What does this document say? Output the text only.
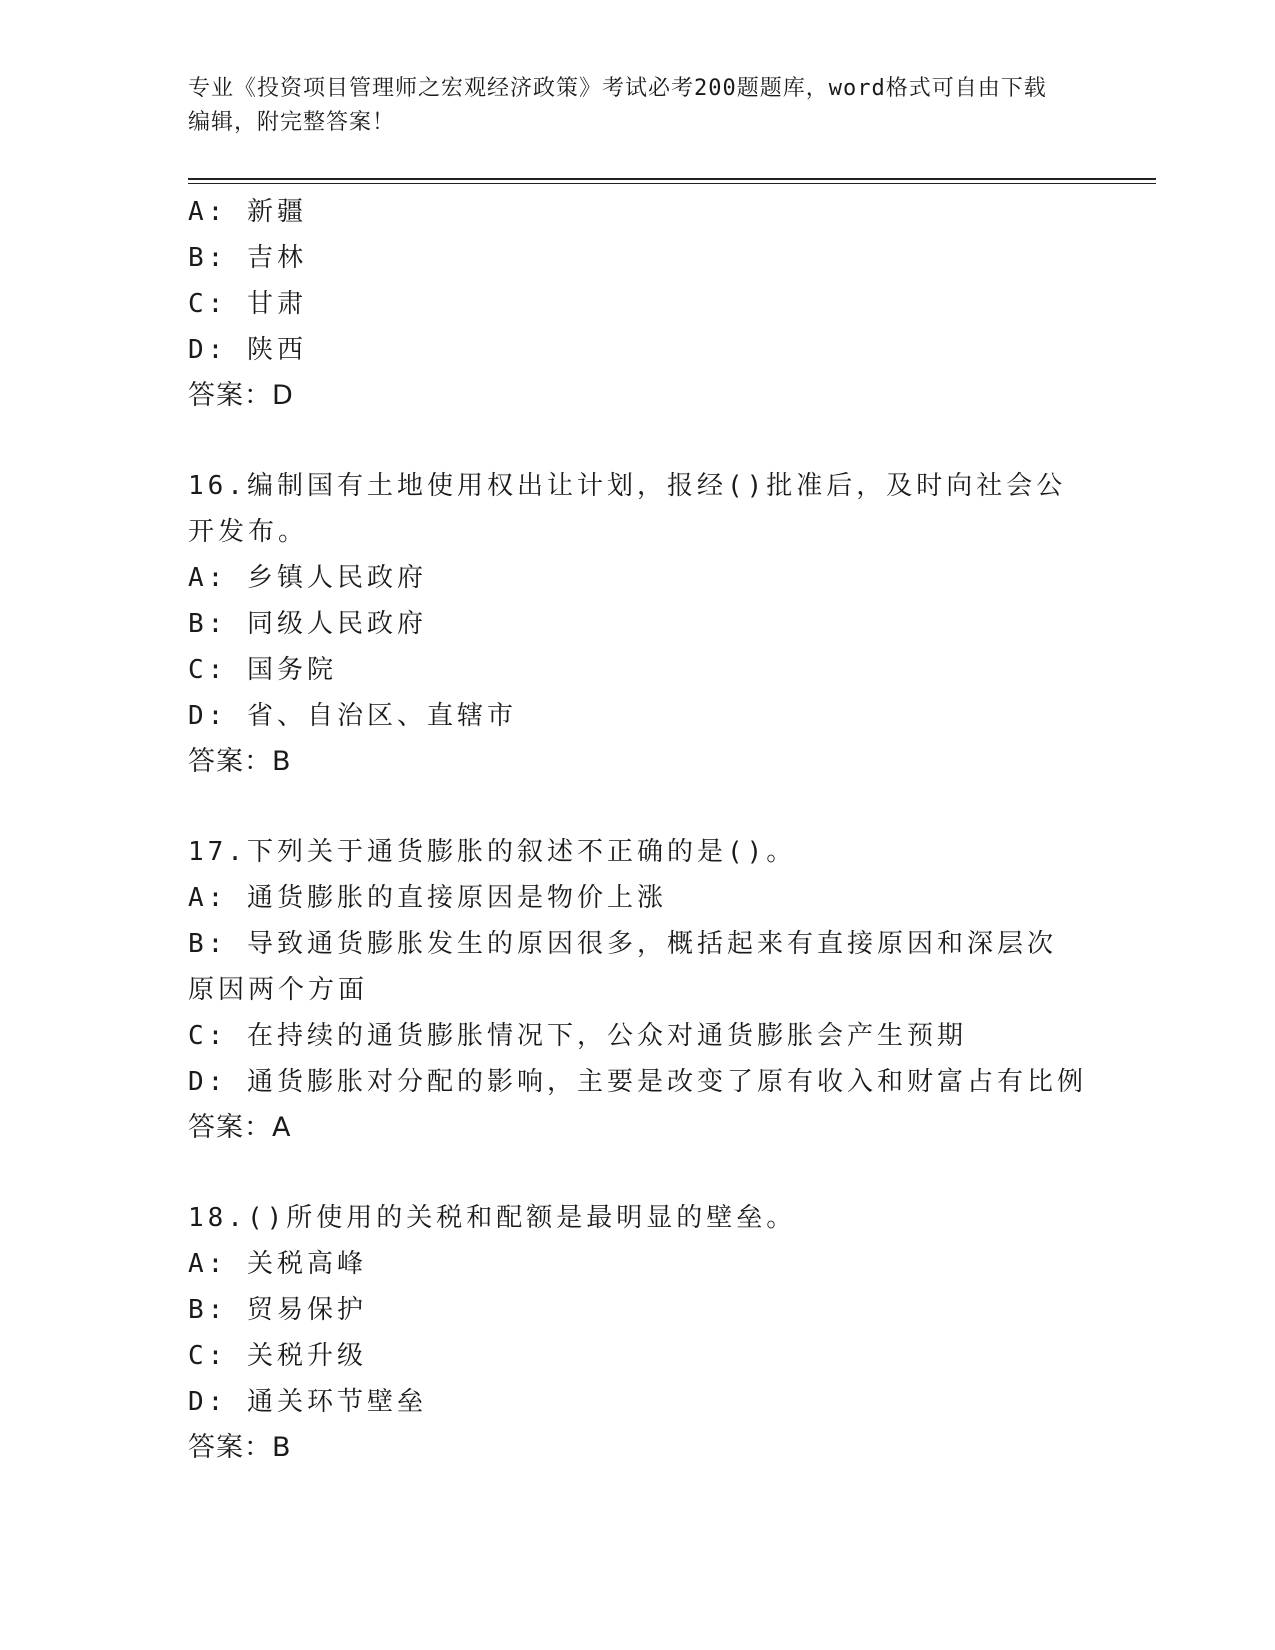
专业《投资项目管理师之宏观经济政策》考试必考200题题库，word格式可自由下载编辑，附完整答案！
A: 新疆
B: 吉林
C: 甘肃
D: 陕西
答案：D
16.编制国有土地使用权出让计划，报经()批准后，及时向社会公开发布。
A: 乡镇人民政府
B: 同级人民政府
C: 国务院
D: 省、自治区、直辖市
答案：B
17.下列关于通货膨胀的叙述不正确的是()。
A: 通货膨胀的直接原因是物价上涨
B: 导致通货膨胀发生的原因很多，概括起来有直接原因和深层次原因两个方面
C: 在持续的通货膨胀情况下，公众对通货膨胀会产生预期
D: 通货膨胀对分配的影响，主要是改变了原有收入和财富占有比例
答案：A
18.()所使用的关税和配额是最明显的壁垒。
A: 关税高峰
B: 贸易保护
C: 关税升级
D: 通关环节壁垒
答案：B
